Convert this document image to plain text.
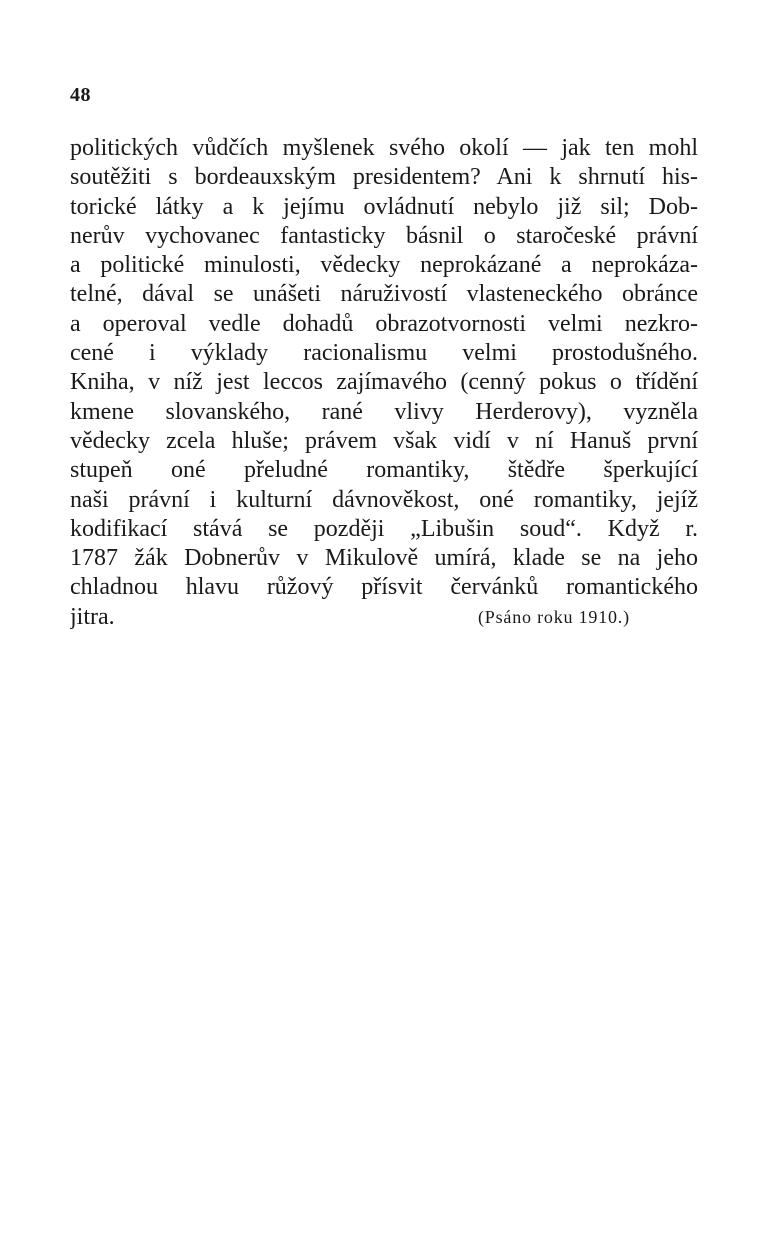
48
politických vůdčích myšlenek svého okolí — jak ten mohl
soutěžiti s bordeauxským presidentem? Ani k shrnutí his-
torické látky a k jejímu ovládnutí nebylo již sil; Dob-
nerův vychovanec fantasticky básnil o staročeské právní
a politické minulosti, vědecky neprokázané a neprokáza-
telné, dával se unášeti náruživostí vlasteneckého obránce
a operoval vedle dohadů obrazotvornosti velmi nezkro-
cené i výklady racionalismu velmi prostodušného.
Kniha, v níž jest leccos zajímavého (cenný pokus o třídění
kmene slovanského, rané vlivy Herderovy), vyzněla
vědecky zcela hluše; právem však vidí v ní Hanuš první
stupeň oné přeludné romantiky, štědře šperkující
naši právní i kulturní dávnověkost, oné romantiky, jejíž
kodifikací stává se později „Libušin soud“. Když r.
1787 žák Dobnerův v Mikulově umírá, klade se na jeho
chladnou hlavu růžový přísvit červánků romantického
jitra.	(Psáno roku 1910.)
